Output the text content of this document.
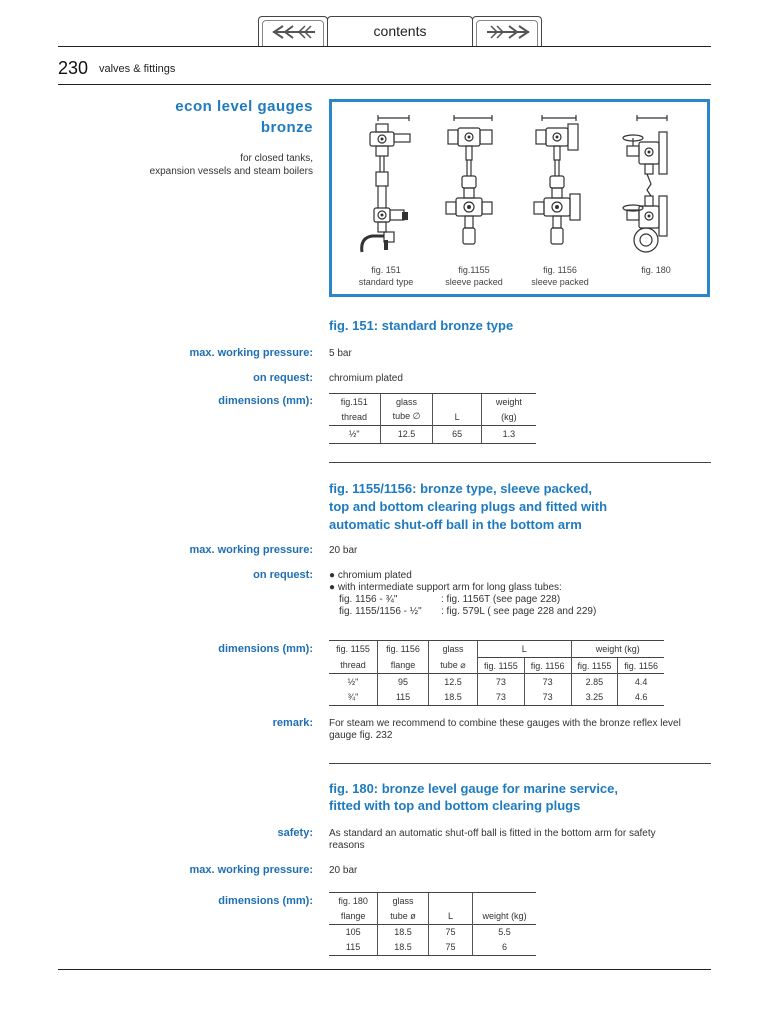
contents
230 valves & fittings
econ level gauges
bronze
for closed tanks,
expansion vessels and steam boilers
fig. 151
standard type
fig.1155
sleeve packed
fig. 1156
sleeve packed
fig. 180
fig. 151: standard bronze type
max. working pressure: 5 bar
on request: chromium plated
dimensions (mm):	fig.151	glass		weight
thread	tube ∅	L	(kg)
½"	12.5	65	1.3
fig. 1155/1156: bronze type, sleeve packed,
top and bottom clearing plugs and fitted with
automatic shut-off ball in the bottom arm
max. working pressure: 20 bar
on request: ● chromium plated
● with intermediate support arm for long glass tubes:
fig. 1156 - ¾"	: fig. 1156T (see page 228)
fig. 1155/1156 - ½" : fig. 579L ( see page 228 and 229)
dimensions (mm):	fig. 1155	fig. 1156	glass	L		weight (kg)	
thread	flange	tube ⌀	fig. 1155	fig. 1156	fig. 1155	fig. 1156
½"	95	12.5	73	73	2.85	4.4
¾"	115	18.5	73	73	3.25	4.6
remark: For steam we recommend to combine these gauges with the bronze reflex level
gauge fig. 232
fig. 180: bronze level gauge for marine service,
fitted with top and bottom clearing plugs
safety: As standard an automatic shut-off ball is fitted in the bottom arm for safety
reasons
max. working pressure: 20 bar
dimensions (mm):	fig. 180	glass		
flange	tube ø	L	weight (kg)
105	18.5	75	5.5
115	18.5	75	6
